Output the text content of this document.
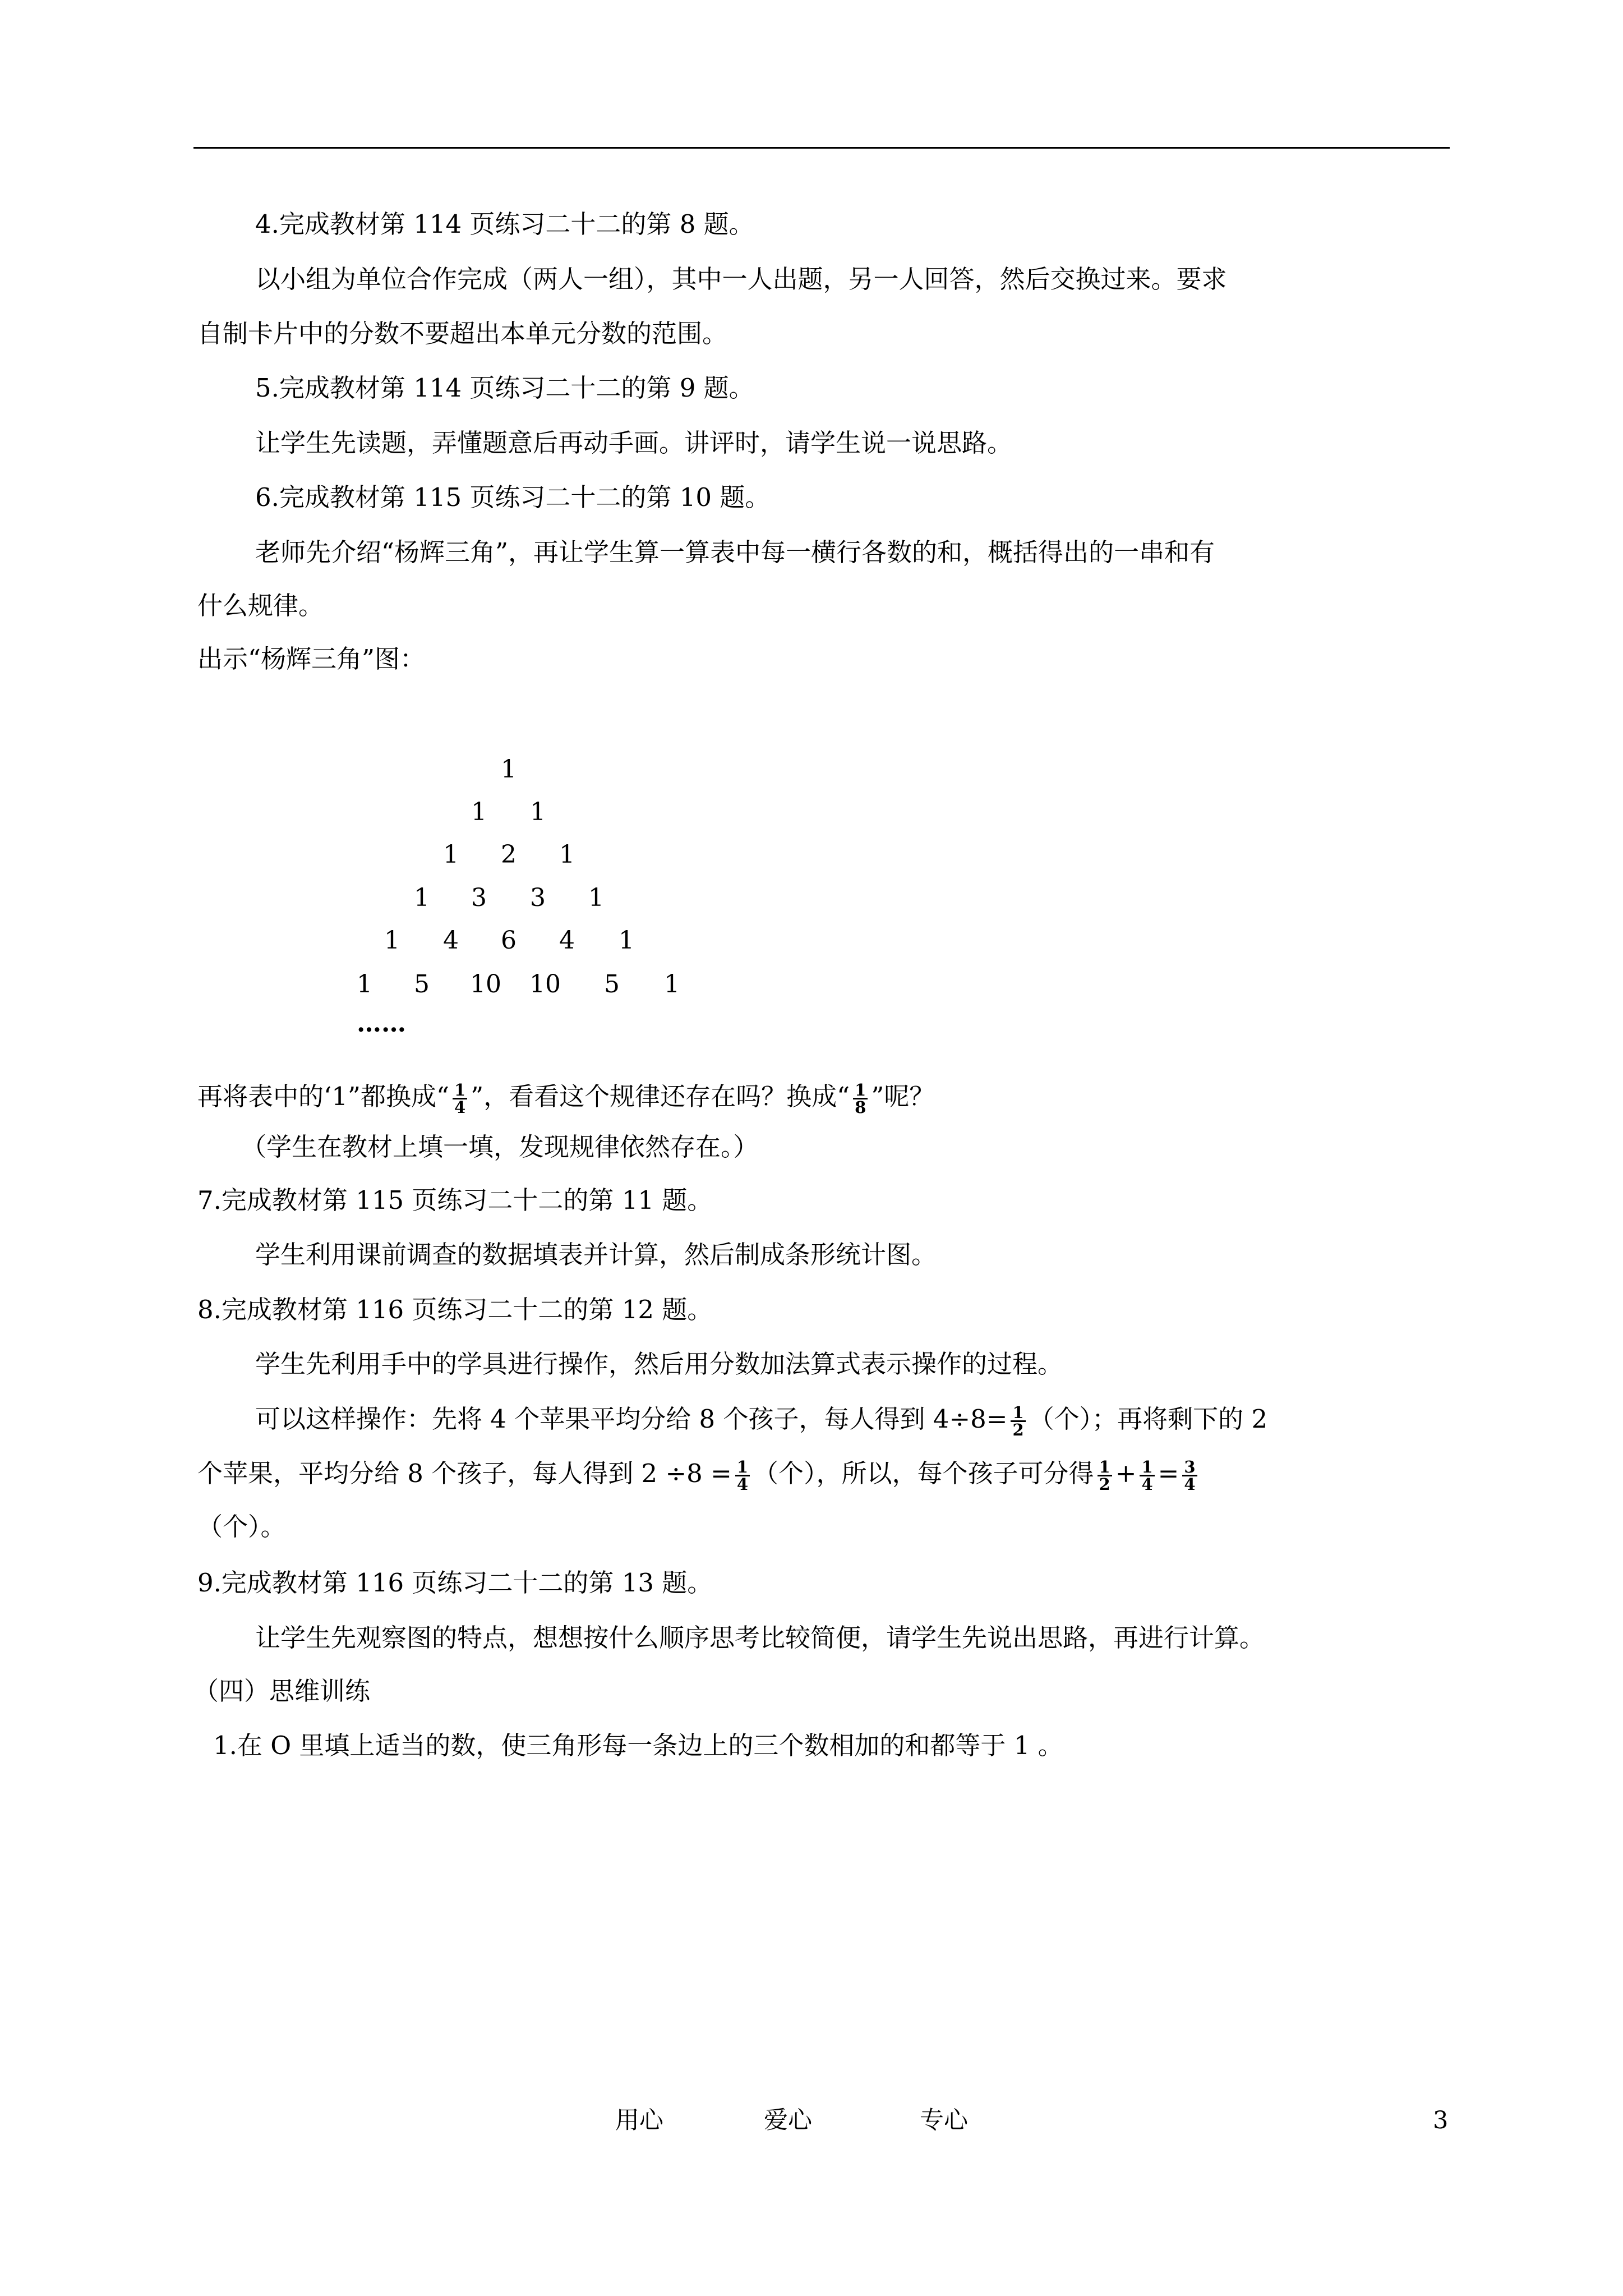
4.完成教材第 114 页练习二十二的第 8 题。
以小组为单位合作完成（两人一组），其中一人出题，另一人回答，然后交换过来。要求
自制卡片中的分数不要超出本单元分数的范围。
5.完成教材第 114 页练习二十二的第 9 题。
让学生先读题，弄懂题意后再动手画。讲评时，请学生说一说思路。
6.完成教材第 115 页练习二十二的第 10 题。
老师先介绍“杨辉三角”，再让学生算一算表中每一横行各数的和，概括得出的一串和有
什么规律。
出示“杨辉三角”图：
1
1 1
1 2 1
1 3 3 1
1 4 6 4 1
1 5 10 10 5 1
……
再将表中的‘1”都换成“ $\frac{1}{4}$ ”，看看这个规律还存在吗？换成“ $\frac{1}{8}$ ”呢？
（学生在教材上填一填，发现规律依然存在。）
7.完成教材第 115 页练习二十二的第 11 题。
学生利用课前调查的数据填表并计算，然后制成条形统计图。
8.完成教材第 116 页练习二十二的第 12 题。
学生先利用手中的学具进行操作，然后用分数加法算式表示操作的过程。
可以这样操作：先将 4 个苹果平均分给 8 个孩子，每人得到 $4\div 8= \frac{1}{2}$ （个）；再将剩下的 2
个苹果，平均分给 8 个孩子，每人得到 $2 \div 8 = \frac{1}{4}$ （个），所以，每个孩子可分得 $\frac{1}{2} + \frac{1}{4} = \frac{3}{4}$
（个）。
9.完成教材第 116 页练习二十二的第 13 题。
让学生先观察图的特点，想想按什么顺序思考比较简便，请学生先说出思路，再进行计算。
（四）思维训练
1.在 O 里填上适当的数，使三角形每一条边上的三个数相加的和都等于 1 。
用心	爱心	专心	3
